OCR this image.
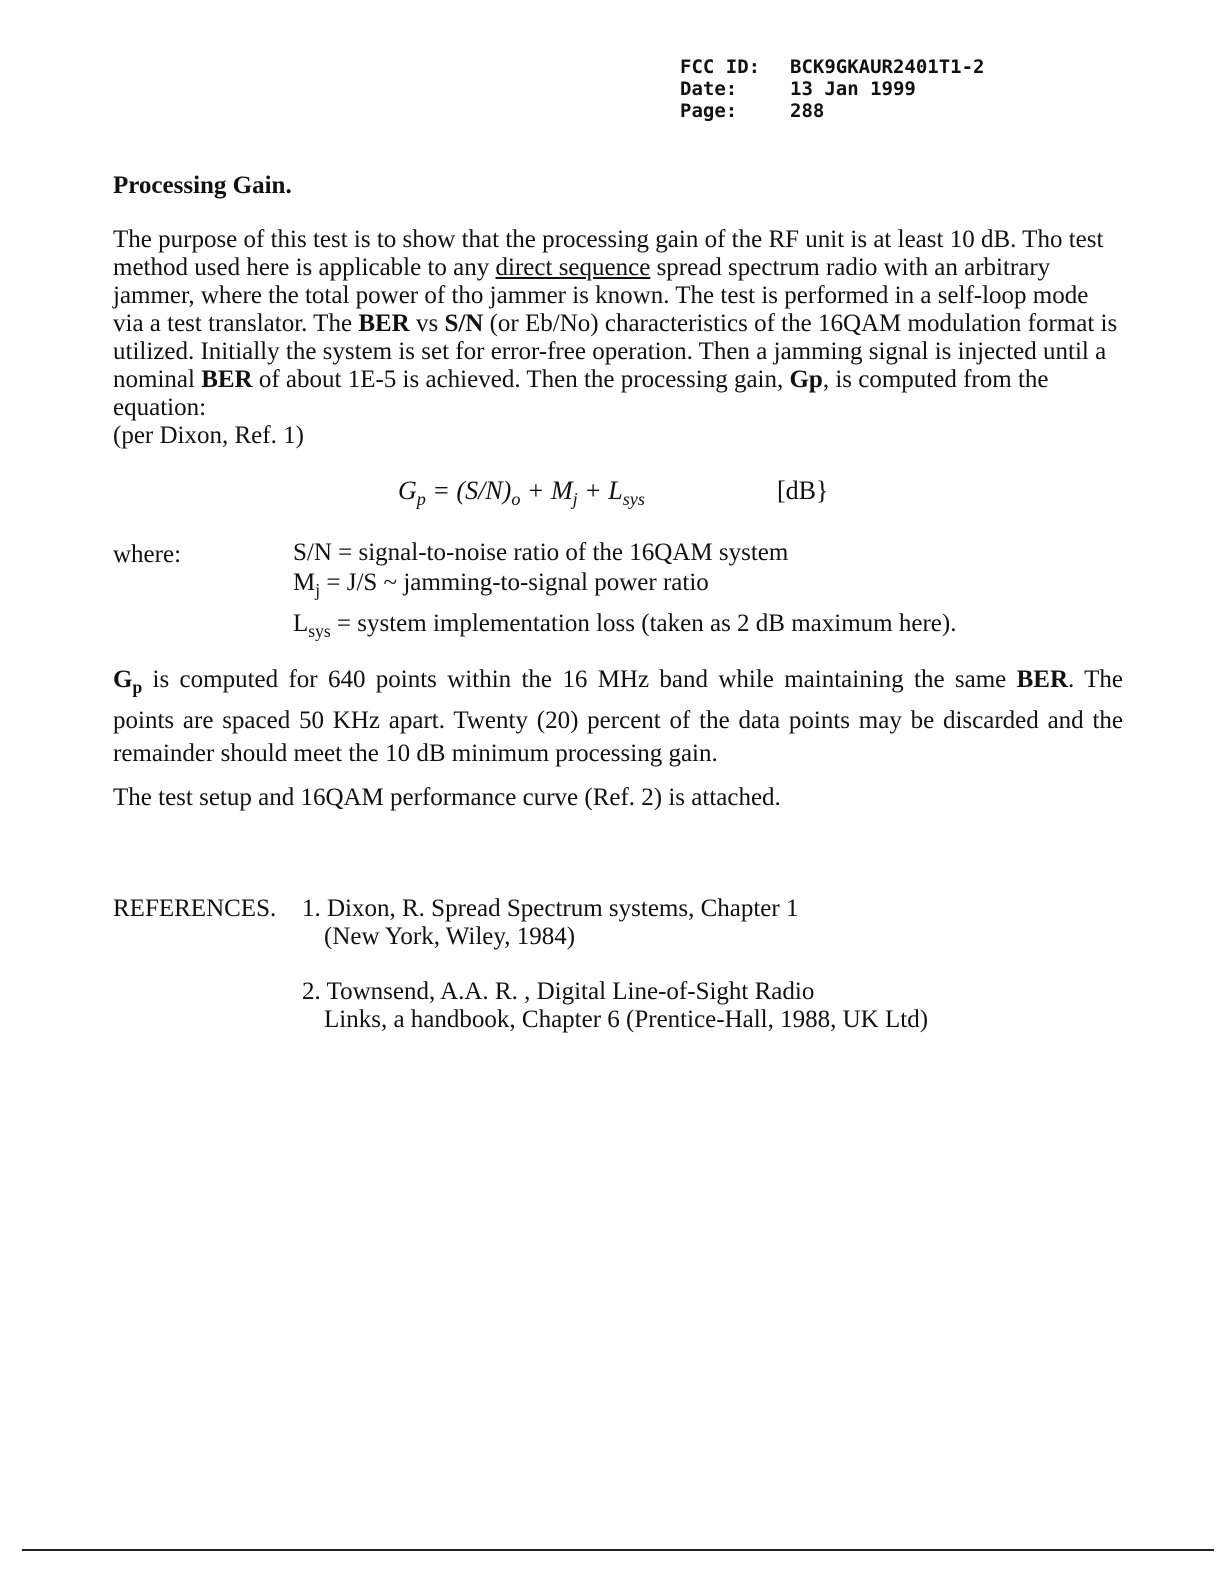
FCC ID:	BCK9GKAUR2401T1-2
Date:	13 Jan 1999
Page:	288
Processing Gain.
The purpose of this test is to show that the processing gain of the RF unit is at least 10 dB. Tho test method used here is applicable to any direct sequence spread spectrum radio with an arbitrary jammer, where the total power of tho jammer is known. The test is performed in a self-loop mode via a test translator. The BER vs S/N (or Eb/No) characteristics of the 16QAM modulation format is utilized. Initially the system is set for error-free operation. Then a jamming signal is injected until a nominal BER of about 1E-5 is achieved. Then the processing gain, Gp, is computed from the equation:
(per Dixon, Ref. 1)
$G_p = (S/N)_o + M_j + L_{sys}$	[dB}
where:	S/N = signal-to-noise ratio of the 16QAM system
$M_j = J/S$ ~ jamming-to-signal power ratio
$L_{sys}$ = system implementation loss (taken as 2 dB maximum here).
$G_p$ is computed for 640 points within the 16 MHz band while maintaining the same BER. The points are spaced 50 KHz apart. Twenty (20) percent of the data points may be discarded and the remainder should meet the 10 dB minimum processing gain.
The test setup and 16QAM performance curve (Ref. 2) is attached.
REFERENCES. 1. Dixon, R. Spread Spectrum systems, Chapter 1
(New York, Wiley, 1984)
2. Townsend, A.A. R. , Digital Line-of-Sight Radio
Links, a handbook, Chapter 6 (Prentice-Hall, 1988, UK Ltd)
